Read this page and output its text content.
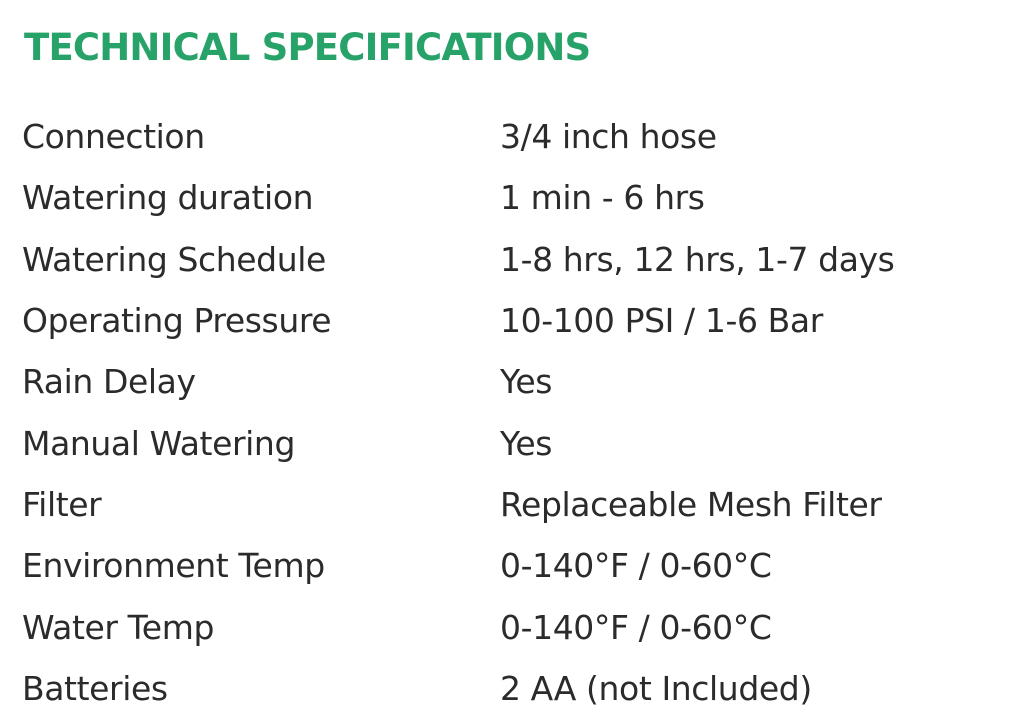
TECHNICAL SPECIFICATIONS
Connection	3/4 inch hose
Watering duration	1 min - 6 hrs
Watering Schedule	1-8 hrs, 12 hrs, 1-7 days
Operating Pressure	10-100 PSI / 1-6 Bar
Rain Delay	Yes
Manual Watering	Yes
Filter	Replaceable Mesh Filter
Environment Temp	0-140°F / 0-60°C
Water Temp	0-140°F / 0-60°C
Batteries	2 AA (not Included)
